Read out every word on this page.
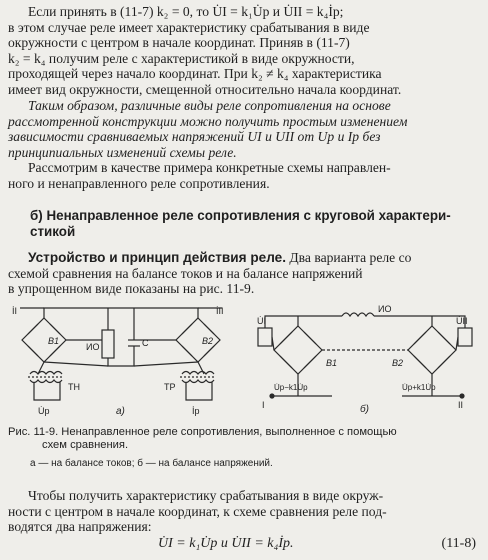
Если принять в (11-7) k₂ = 0, то U̇I = k₁U̇p и U̇II = k₄İp;
в этом случае реле имеет характеристику срабатывания в виде
окружности с центром в начале координат. Приняв в (11-7)
k₂ = k₄ получим реле с характеристикой в виде окружности,
проходящей через начало координат. При k₂ ≠ k₄ характеристика
имеет вид окружности, смещенной относительно начала координат.
Таким образом, различные виды реле сопротивления на основе
рассмотренной конструкции можно получить простым изменением
зависимости сравниваемых напряжений UI и UII от Up и Ip без
принципиальных изменений схемы реле.
Рассмотрим в качестве примера конкретные схемы направлен-
ного и ненаправленного реле сопротивления.
б) Ненаправленное реле сопротивления с круговой характери-
стикой
Устройство и принцип действия реле. Два варианта реле со
схемой сравнения на балансе токов и на балансе напряжений
в упрощенном виде показаны на рис. 11-9.
İI	İII
B1	B2
ИО	C
ТН	ТР
U̇p	İp
a)
U̇I	U̇II
ИО
B1	B2
U̇p−k1U̇p	U̇p+k1U̇p
I	II
б)
Рис. 11-9. Ненаправленное реле сопротивления, выполненное с помощью
схем сравнения.
а — на балансе токов; б — на балансе напряжений.
Чтобы получить характеристику срабатывания в виде окруж-
ности с центром в начале координат, к схеме сравнения реле под-
водятся два напряжения:
U̇I = k₁U̇p и U̇II = k₄İp.	(11-8)
